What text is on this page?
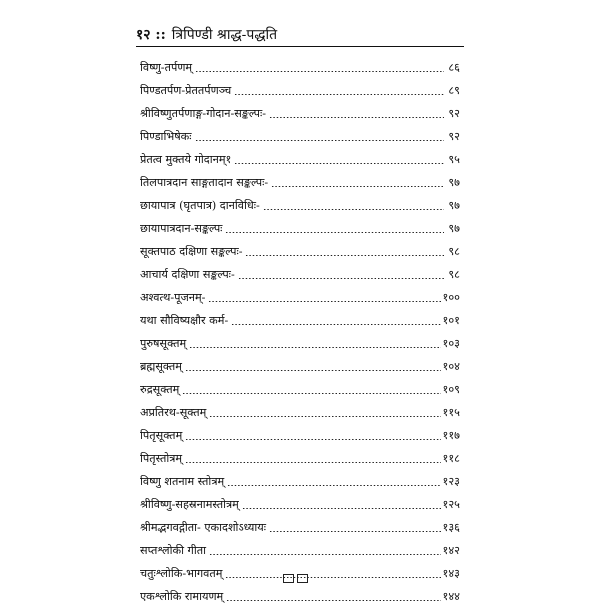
१२ :: त्रिपिण्डी श्राद्ध-पद्धति
विष्णु-तर्पणम्	८६
पिण्डतर्पण-प्रेततर्पणञ्च	८९
श्रीविष्णुतर्पणाङ्ग-गोदान-सङ्कल्पः-	९२
पिण्डाभिषेकः	९२
प्रेतत्व मुक्तये गोदानम्१	९५
तिलपात्रदान साङ्गतादान सङ्कल्पः-	९७
छायापात्र (घृतपात्र) दानविधिः-	९७
छायापात्रदान-सङ्कल्पः	९७
सूक्तपाठ दक्षिणा सङ्कल्पः-	९८
आचार्य दक्षिणा सङ्कल्पः-	९८
अश्वत्थ-पूजनम्-	१००
यथा सौविष्यक्षौर कर्म-	१०१
पुरुषसूक्तम्	१०३
ब्रह्मसूक्तम्	१०४
रुद्रसूक्तम्	१०९
अप्रतिरथ-सूक्तम्	११५
पितृसूक्तम्	११७
पितृस्तोत्रम्	११८
विष्णु शतनाम स्तोत्रम्	१२३
श्रीविष्णु-सहस्रनामस्तोत्रम्	१२५
श्रीमद्भगवद्गीता- एकादशोऽध्यायः	१३६
सप्तश्लोकी गीता	१४२
चतुःश्लोकि-भागवतम्	१४३
एकश्लोकि रामायणम्	१४४
